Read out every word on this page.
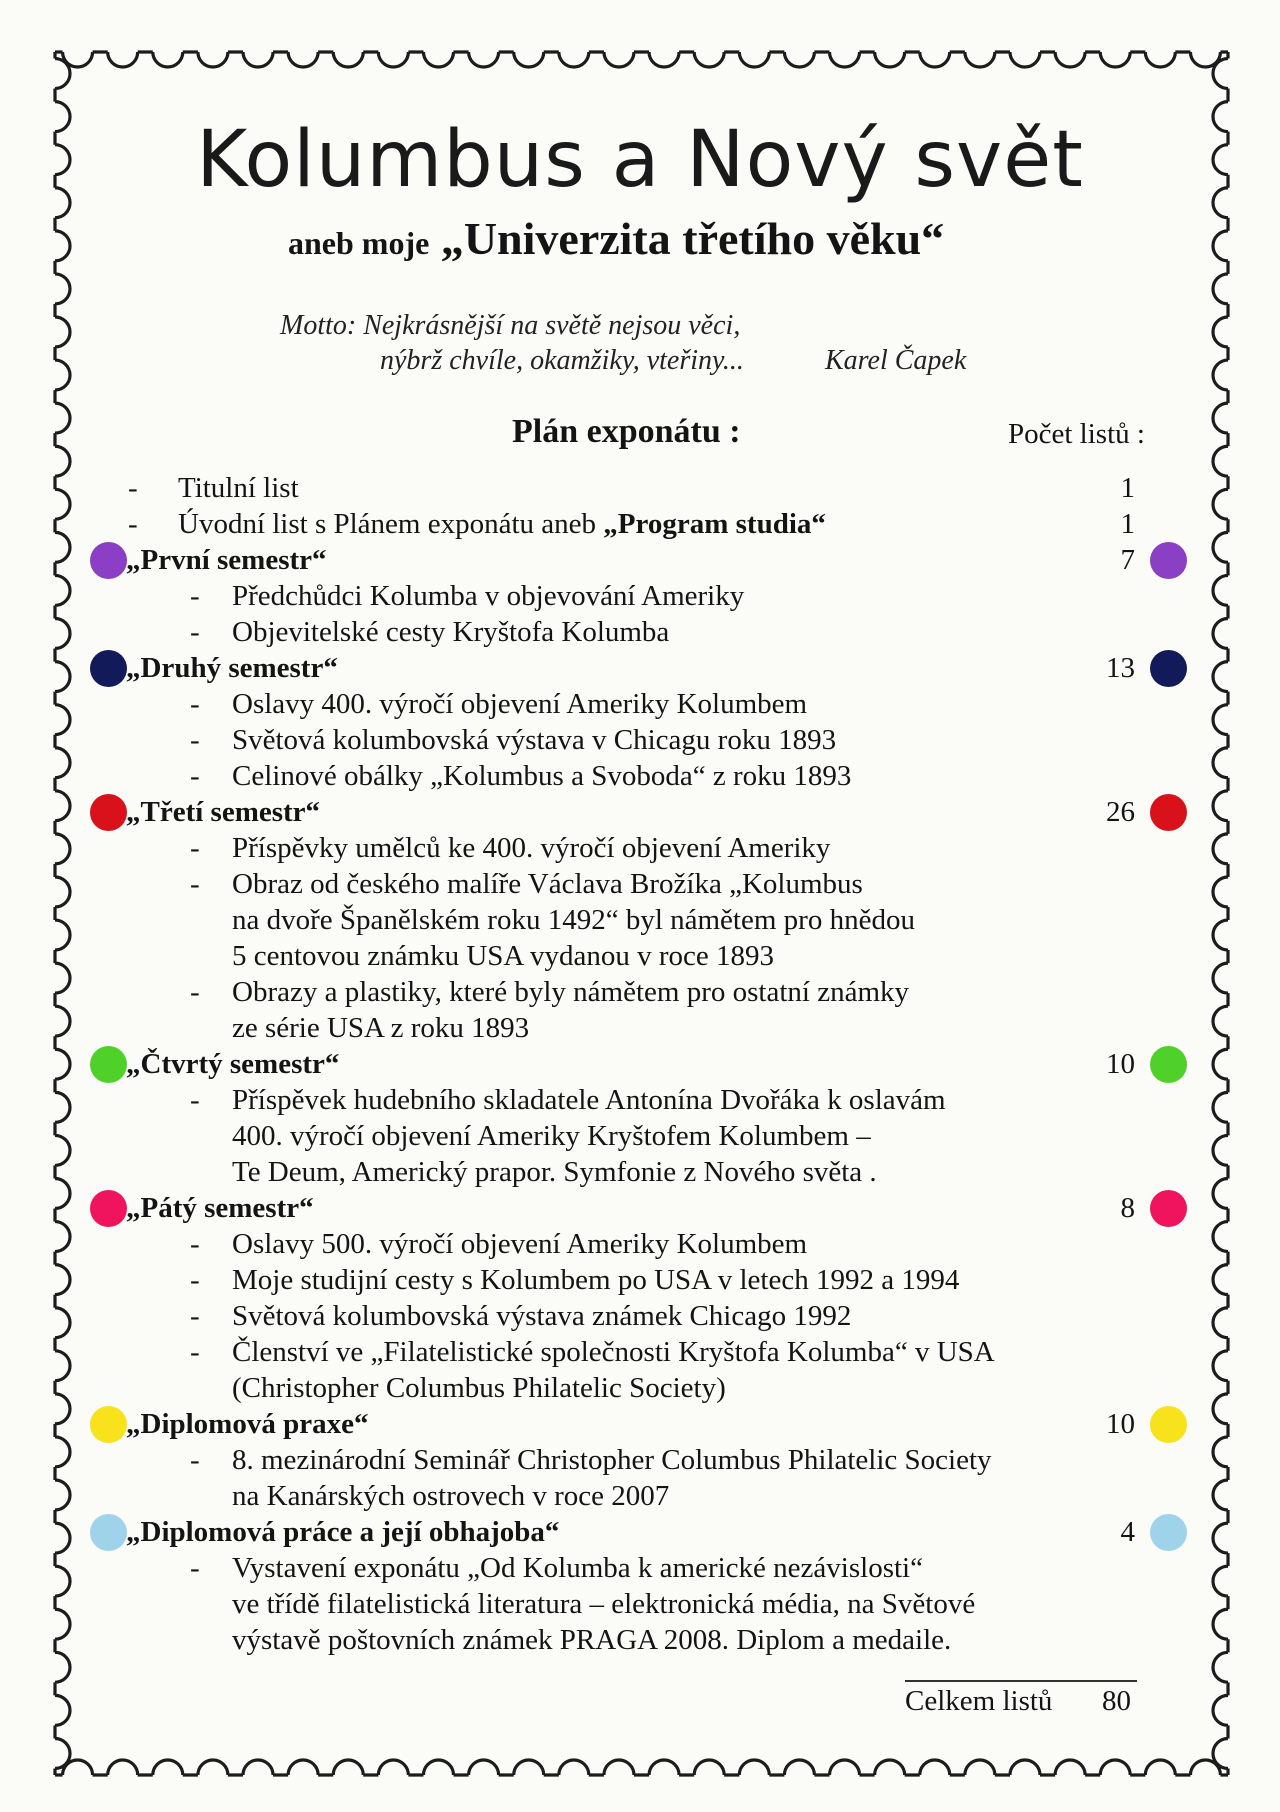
Kolumbus a Nový svět
aneb moje „Univerzita třetího věku“
Motto: Nejkrásnější na světě nejsou věci,
nýbrž chvíle, okamžiky, vteřiny...	Karel Čapek
Plán exponátu :	Počet listů :
- Titulní list	1
- Úvodní list s Plánem exponátu aneb „Program studia“	1
„První semestr“	7
- Předchůdci Kolumba v objevování Ameriky
- Objevitelské cesty Kryštofa Kolumba
„Druhý semestr“	13
- Oslavy 400. výročí objevení Ameriky Kolumbem
- Světová kolumbovská výstava v Chicagu roku 1893
- Celinové obálky „Kolumbus a Svoboda“ z roku 1893
„Třetí semestr“	26
- Příspěvky umělců ke 400. výročí objevení Ameriky
- Obraz od českého malíře Václava Brožíka „Kolumbus
na dvoře Španělském roku 1492“ byl námětem pro hnědou
5 centovou známku USA vydanou v roce 1893
- Obrazy a plastiky, které byly námětem pro ostatní známky
ze série USA z roku 1893
„Čtvrtý semestr“	10
- Příspěvek hudebního skladatele Antonína Dvořáka k oslavám
400. výročí objevení Ameriky Kryštofem Kolumbem –
Te Deum, Americký prapor. Symfonie z Nového světa .
„Pátý semestr“	8
- Oslavy 500. výročí objevení Ameriky Kolumbem
- Moje studijní cesty s Kolumbem po USA v letech 1992 a 1994
- Světová kolumbovská výstava známek Chicago 1992
- Členství ve „Filatelistické společnosti Kryštofa Kolumba“ v USA
(Christopher Columbus Philatelic Society)
„Diplomová praxe“	10
- 8. mezinárodní Seminář Christopher Columbus Philatelic Society
na Kanárských ostrovech v roce 2007
„Diplomová práce a její obhajoba“	4
- Vystavení exponátu „Od Kolumba k americké nezávislosti“
ve třídě filatelistická literatura – elektronická média, na Světové
výstavě poštovních známek PRAGA 2008. Diplom a medaile.
Celkem listů 80
